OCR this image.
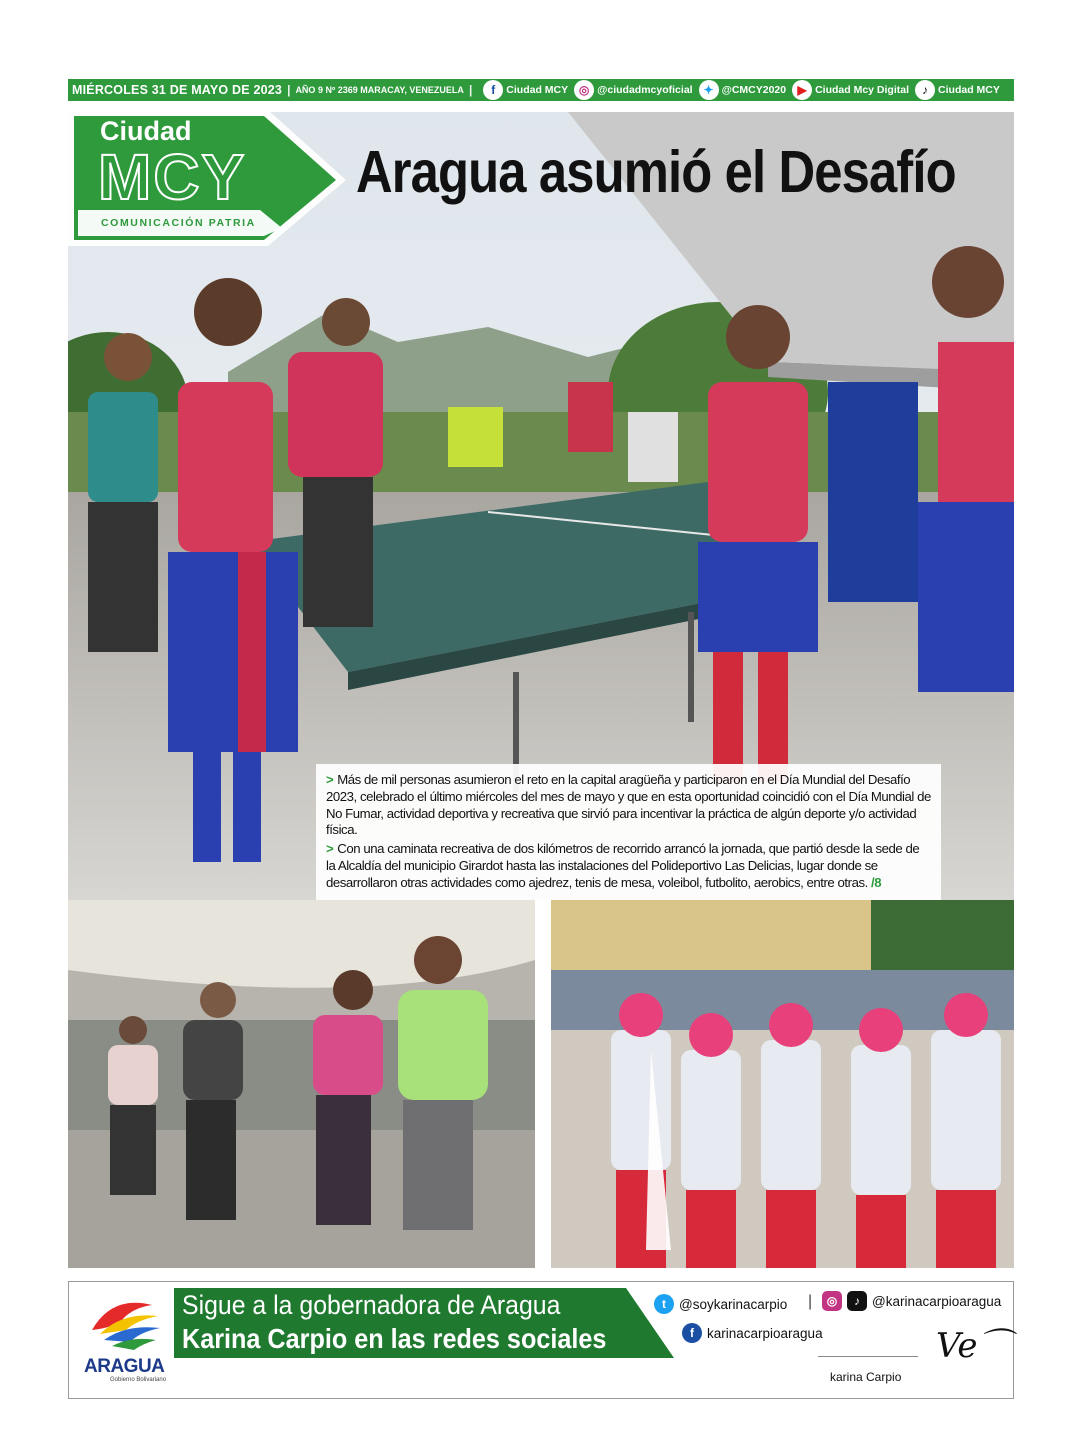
MIÉRCOLES 31 DE MAYO DE 2023 | AÑO 9 Nº 2369 MARACAY, VENEZUELA |	f	Ciudad MCY ◎ @ciudadmcyoficial ✦ @CMCY2020 ▶ Ciudad Mcy Digital	♪ Ciudad MCY
Ciudad
MCY
COMUNICACIÓN PATRIA
Aragua asumió el Desafío

> Más de mil personas asumieron el reto en la capital aragüeña y participaron en el Día Mundial del Desafío 2023, celebrado el último miércoles del mes de mayo y que en esta oportunidad coincidió con el Día Mundial de No Fumar, actividad deportiva y recreativa que sirvió para incentivar la práctica de algún deporte y/o actividad física.

> Con una caminata recreativa de dos kilómetros de recorrido arrancó la jornada, que partió desde la sede de la Alcaldía del municipio Girardot hasta las instalaciones del Polideportivo Las Delicias, lugar donde se desarrollaron otras actividades como ajedrez, tenis de mesa, voleibol, futbolito, aerobics, entre otras. /8

ARAGUA
Gobierno Bolivariano
Sigue a la gobernadora de Aragua
Karina Carpio en las redes sociales
t @soykarinacarpio |	◎	♪ @karinacarpioaragua
f karinacarpioaragua
karina Carpio
Ve⌒
